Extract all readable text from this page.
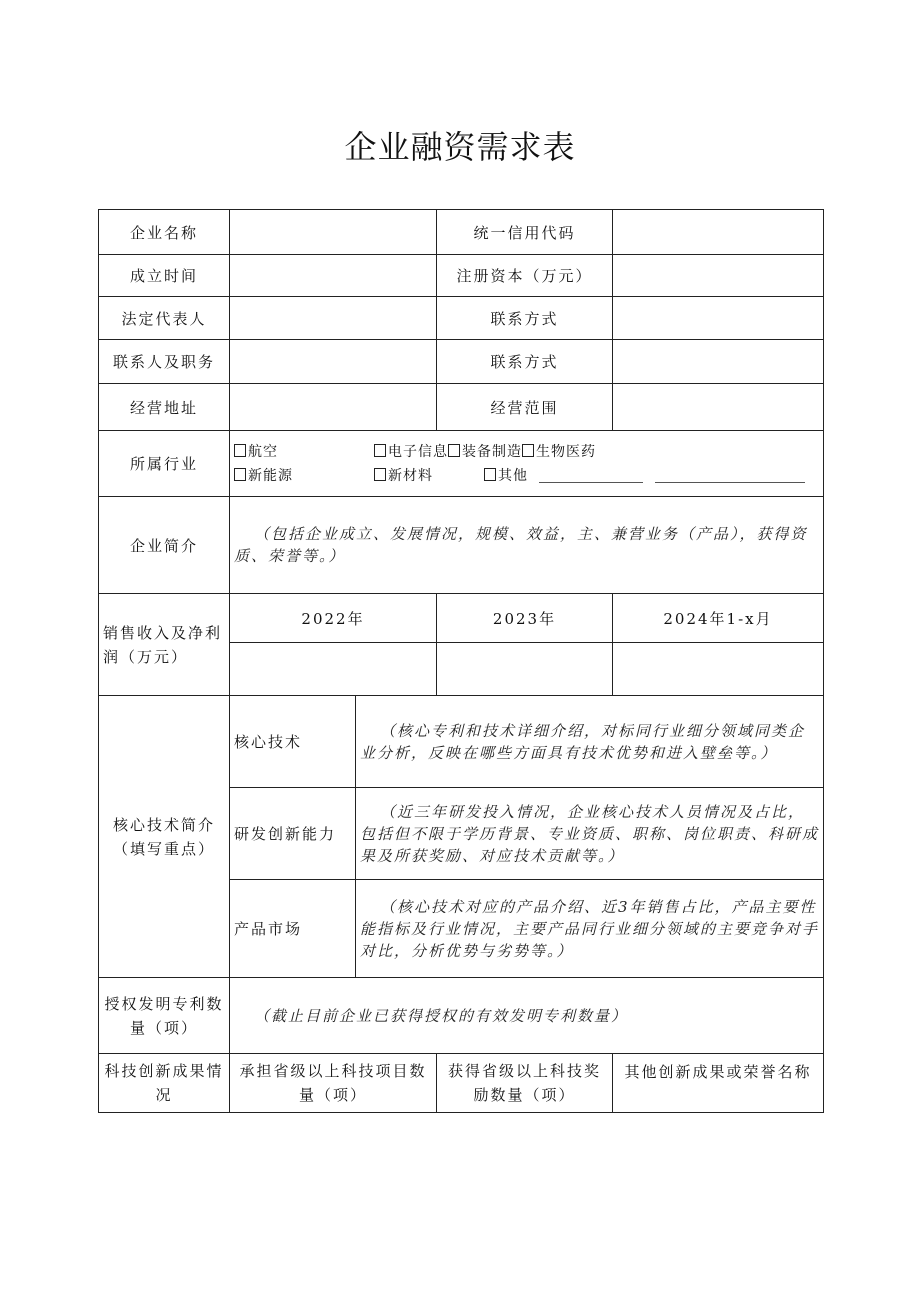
企业融资需求表
企业名称			统一信用代码	
成立时间			注册资本（万元）	
法定代表人			联系方式	
联系人及职务			联系方式	
经营地址			经营范围	
所属行业	航空 电子信息 装备制造 生物医药
新能源 新材料 其他			

企业简介	（包括企业成立、发展情况，规模、效益，主、兼营业务（产品），获得资质、荣誉等。）			
销售收入及净利润（万元）	2022年		2023年	2024年1-x月

核心技术简介（填写重点）	核心技术	（核心专利和技术详细介绍，对标同行业细分领域同类企业分析，反映在哪些方面具有技术优势和进入壁垒等。）		
	研发创新能力	（近三年研发投入情况，企业核心技术人员情况及占比，包括但不限于学历背景、专业资质、职称、岗位职责、科研成果及所获奖励、对应技术贡献等。）		
	产品市场	（核心技术对应的产品介绍、近3年销售占比，产品主要性能指标及行业情况，主要产品同行业细分领域的主要竞争对手对比，分析优势与劣势等。）		
授权发明专利数量（项）	（截止目前企业已获得授权的有效发明专利数量）			
科技创新成果情况	承担省级以上科技项目数量（项）		获得省级以上科技奖励数量（项）	其他创新成果或荣誉名称
